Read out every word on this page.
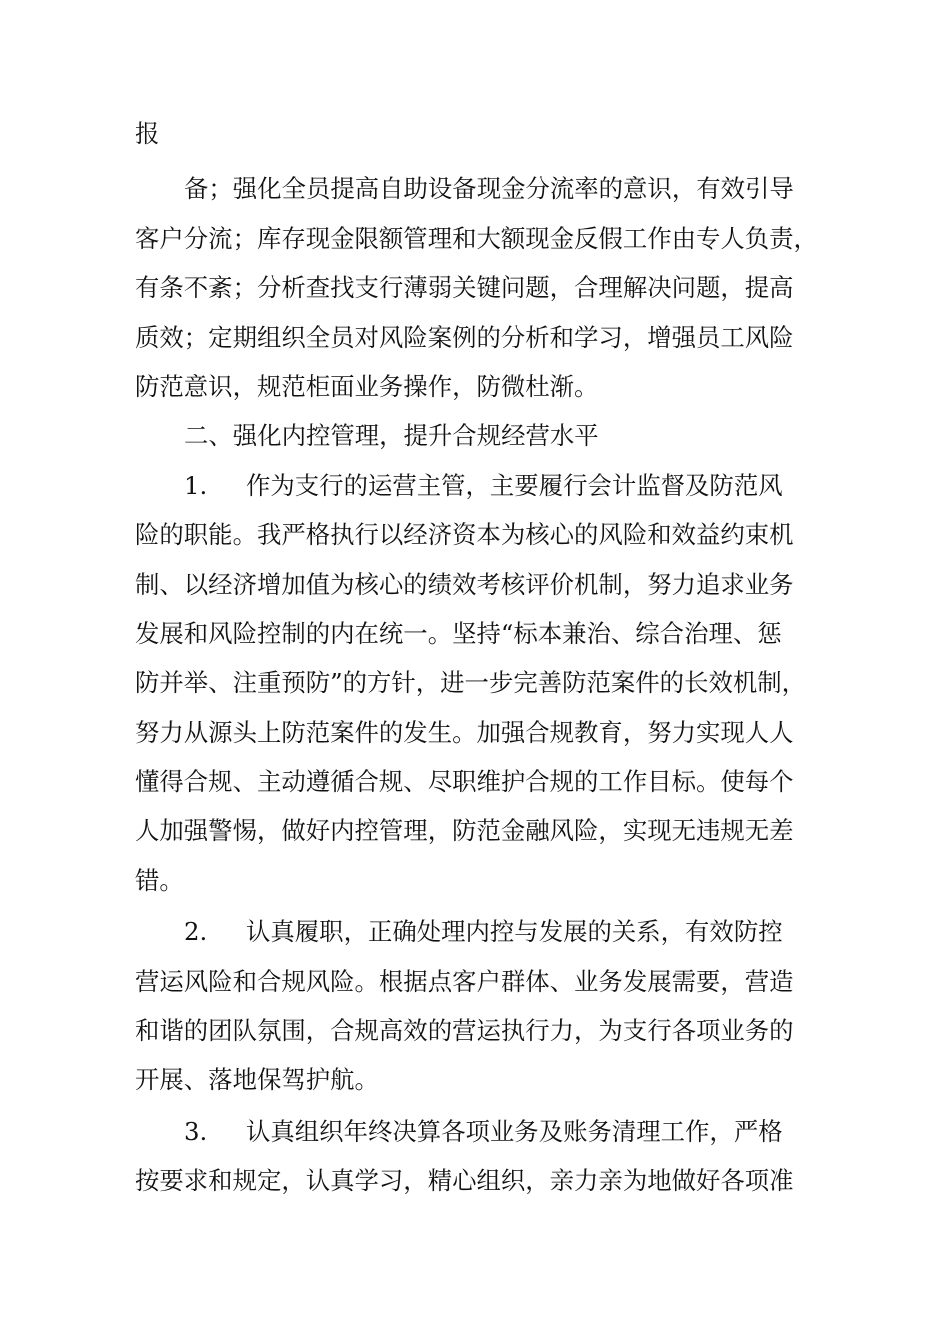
报
备；强化全员提高自助设备现金分流率的意识，有效引导
客户分流；库存现金限额管理和大额现金反假工作由专人负责，
有条不紊；分析查找支行薄弱关键问题，合理解决问题，提高
质效；定期组织全员对风险案例的分析和学习，增强员工风险
防范意识，规范柜面业务操作，防微杜渐。
二、强化内控管理，提升合规经营水平
1. 作为支行的运营主管，主要履行会计监督及防范风
险的职能。我严格执行以经济资本为核心的风险和效益约束机
制、以经济增加值为核心的绩效考核评价机制，努力追求业务
发展和风险控制的内在统一。坚持“标本兼治、综合治理、惩
防并举、注重预防”的方针，进一步完善防范案件的长效机制，
努力从源头上防范案件的发生。加强合规教育，努力实现人人
懂得合规、主动遵循合规、尽职维护合规的工作目标。使每个
人加强警惕，做好内控管理，防范金融风险，实现无违规无差
错。
2. 认真履职，正确处理内控与发展的关系，有效防控
营运风险和合规风险。根据点客户群体、业务发展需要，营造
和谐的团队氛围，合规高效的营运执行力，为支行各项业务的
开展、落地保驾护航。
3. 认真组织年终决算各项业务及账务清理工作，严格
按要求和规定，认真学习，精心组织，亲力亲为地做好各项准
